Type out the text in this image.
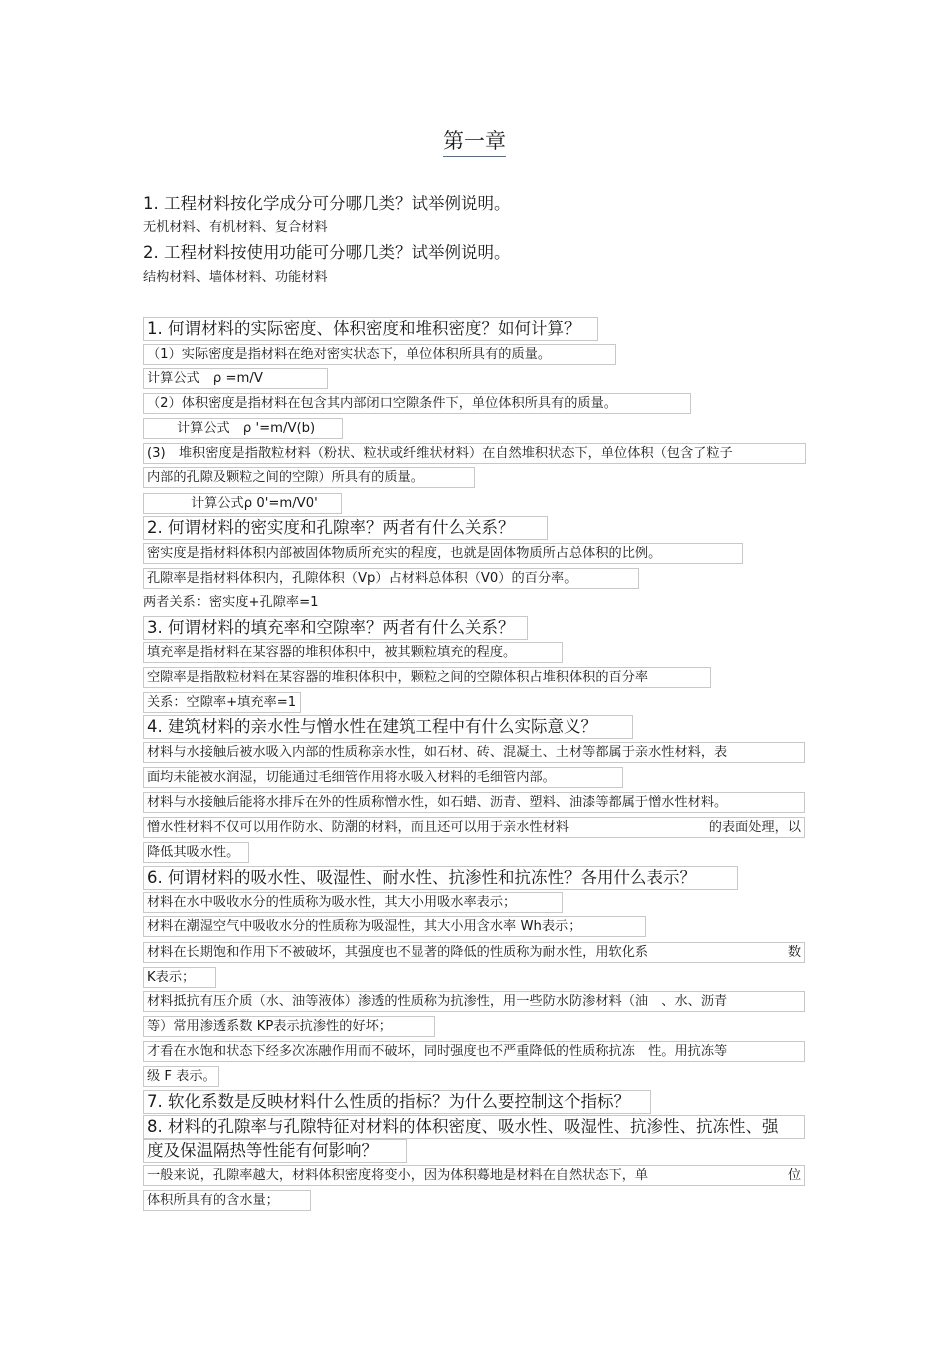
第一章
1. 工程材料按化学成分可分哪几类？试举例说明。
无机材料、有机材料、复合材料
2. 工程材料按使用功能可分哪几类？试举例说明。
结构材料、墙体材料、功能材料
1. 何谓材料的实际密度、体积密度和堆积密度？如何计算？
（1）实际密度是指材料在绝对密实状态下，单位体积所具有的质量。
计算公式　ρ =m/V
（2）体积密度是指材料在包含其内部闭口空隙条件下，单位体积所具有的质量。
计算公式　ρ '=m/V(b)
(3)　堆积密度是指散粒材料（粉状、粒状或纤维状材料）在自然堆积状态下，单位体积（包含了粒子
内部的孔隙及颗粒之间的空隙）所具有的质量。
计算公式ρ 0'=m/V0'
2. 何谓材料的密实度和孔隙率？两者有什么关系？
密实度是指材料体积内部被固体物质所充实的程度，也就是固体物质所占总体积的比例。
孔隙率是指材料体积内，孔隙体积（Vp）占材料总体积（V0）的百分率。
两者关系：密实度+孔隙率=1
3. 何谓材料的填充率和空隙率？两者有什么关系？
填充率是指材料在某容器的堆积体积中，被其颗粒填充的程度。
空隙率是指散粒材料在某容器的堆积体积中，颗粒之间的空隙体积占堆积体积的百分率
关系：空隙率+填充率=1
4. 建筑材料的亲水性与憎水性在建筑工程中有什么实际意义？
材料与水接触后被水吸入内部的性质称亲水性，如石材、砖、混凝土、土材等都属于亲水性材料，表
面均未能被水润湿，切能通过毛细管作用将水吸入材料的毛细管内部。
材料与水接触后能将水排斥在外的性质称憎水性，如石蜡、沥青、塑料、油漆等都属于憎水性材料。
憎水性材料不仅可以用作防水、防潮的材料，而且还可以用于亲水性材料	的表面处理，以
降低其吸水性。
6. 何谓材料的吸水性、吸湿性、耐水性、抗渗性和抗冻性？各用什么表示？
材料在水中吸收水分的性质称为吸水性，其大小用吸水率表示；
材料在潮湿空气中吸收水分的性质称为吸湿性，其大小用含水率 Wh表示；
材料在长期饱和作用下不被破坏，其强度也不显著的降低的性质称为耐水性，用软化系	数
K表示；
材料抵抗有压介质（水、油等液体）渗透的性质称为抗渗性，用一些防水防渗材料（油　、水、沥青
等）常用渗透系数 KP表示抗渗性的好坏；
才看在水饱和状态下经多次冻融作用而不破坏，同时强度也不严重降低的性质称抗冻　性。用抗冻等
级 F 表示。
7. 软化系数是反映材料什么性质的指标？为什么要控制这个指标？
8. 材料的孔隙率与孔隙特征对材料的体积密度、吸水性、吸湿性、抗渗性、抗冻性、强
度及保温隔热等性能有何影响？
一般来说，孔隙率越大，材料体积密度将变小，因为体积蓦地是材料在自然状态下，单	位
体积所具有的含水量；
